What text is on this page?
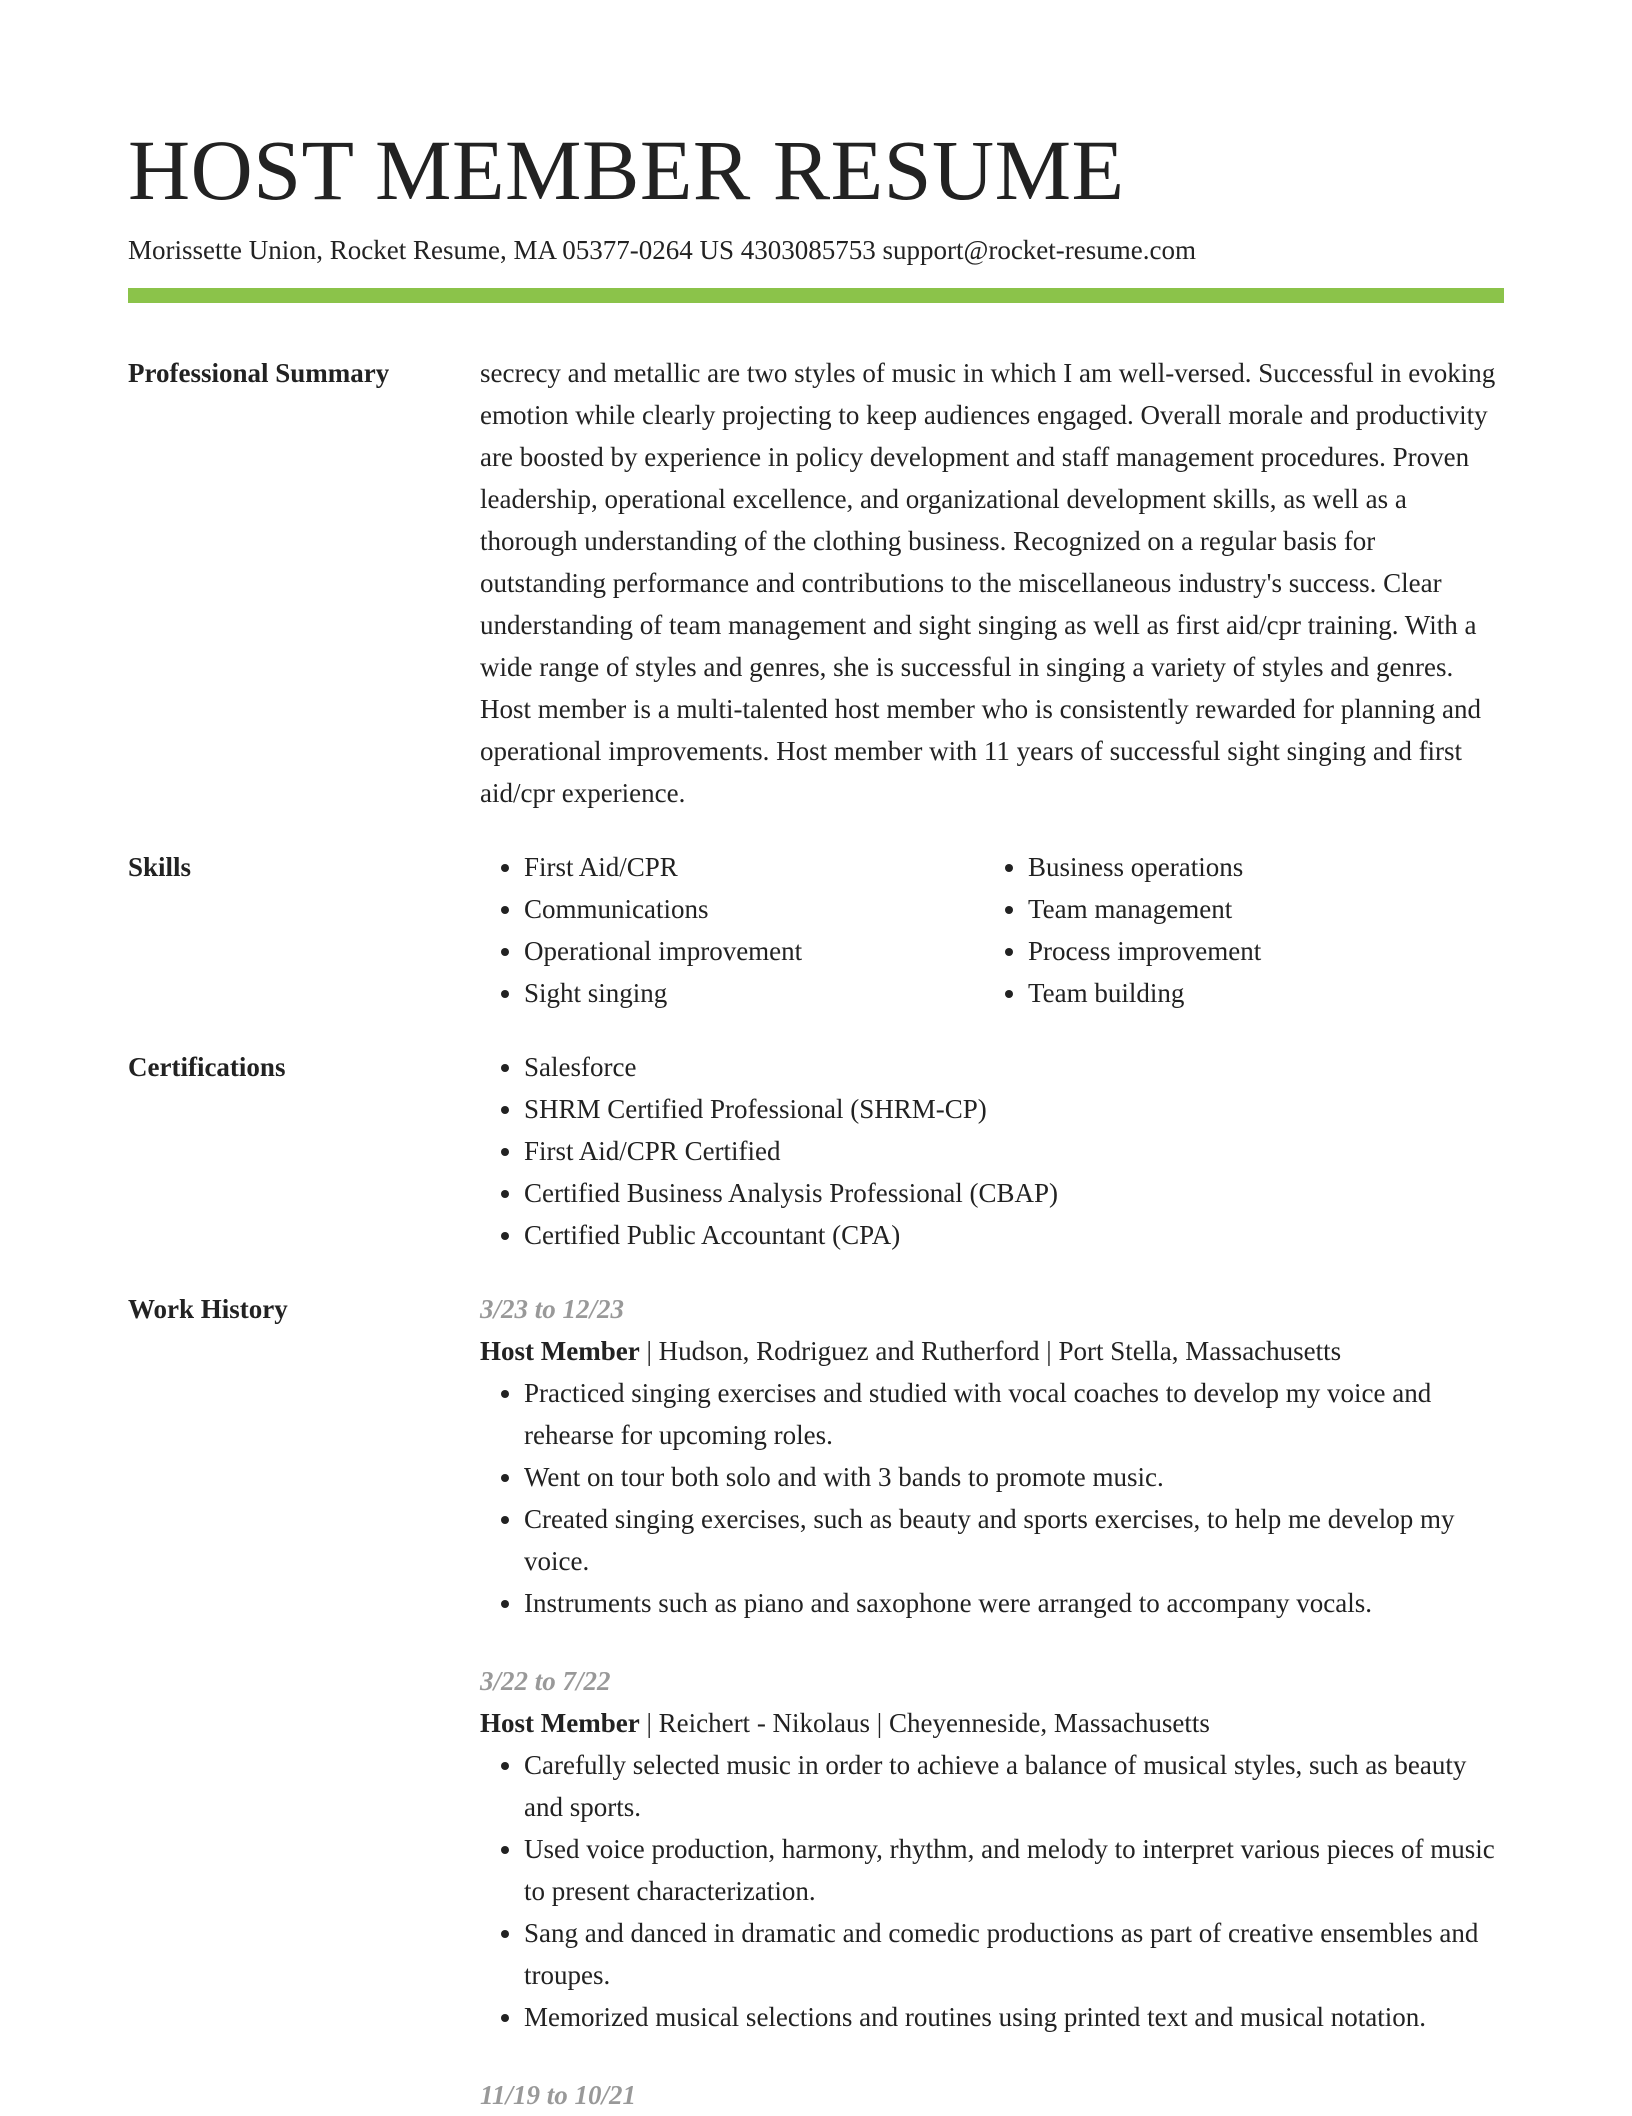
HOST MEMBER RESUME
Morissette Union, Rocket Resume, MA 05377-0264 US 4303085753 support@rocket-resume.com
Professional Summary	secrecy and metallic are two styles of music in which I am well-versed. Successful in evoking emotion while clearly projecting to keep audiences engaged. Overall morale and productivity are boosted by experience in policy development and staff management procedures. Proven leadership, operational excellence, and organizational development skills, as well as a thorough understanding of the clothing business. Recognized on a regular basis for outstanding performance and contributions to the miscellaneous industry's success. Clear understanding of team management and sight singing as well as first aid/cpr training. With a wide range of styles and genres, she is successful in singing a variety of styles and genres. Host member is a multi-talented host member who is consistently rewarded for planning and operational improvements. Host member with 11 years of successful sight singing and first aid/cpr experience.

Skills	• First Aid/CPR
• Communications
• Operational improvement
• Sight singing
• Business operations
• Team management
• Process improvement
• Team building
Certifications	• Salesforce
• SHRM Certified Professional (SHRM-CP)
• First Aid/CPR Certified
• Certified Business Analysis Professional (CBAP)
• Certified Public Accountant (CPA)
Work History	3/23 to 12/23
Host Member | Hudson, Rodriguez and Rutherford | Port Stella, Massachusetts
• Practiced singing exercises and studied with vocal coaches to develop my voice and rehearse for upcoming roles.
• Went on tour both solo and with 3 bands to promote music.
• Created singing exercises, such as beauty and sports exercises, to help me develop my voice.
• Instruments such as piano and saxophone were arranged to accompany vocals.
3/22 to 7/22
Host Member | Reichert - Nikolaus | Cheyenneside, Massachusetts
• Carefully selected music in order to achieve a balance of musical styles, such as beauty and sports.
• Used voice production, harmony, rhythm, and melody to interpret various pieces of music to present characterization.
• Sang and danced in dramatic and comedic productions as part of creative ensembles and troupes.
• Memorized musical selections and routines using printed text and musical notation.
11/19 to 10/21
